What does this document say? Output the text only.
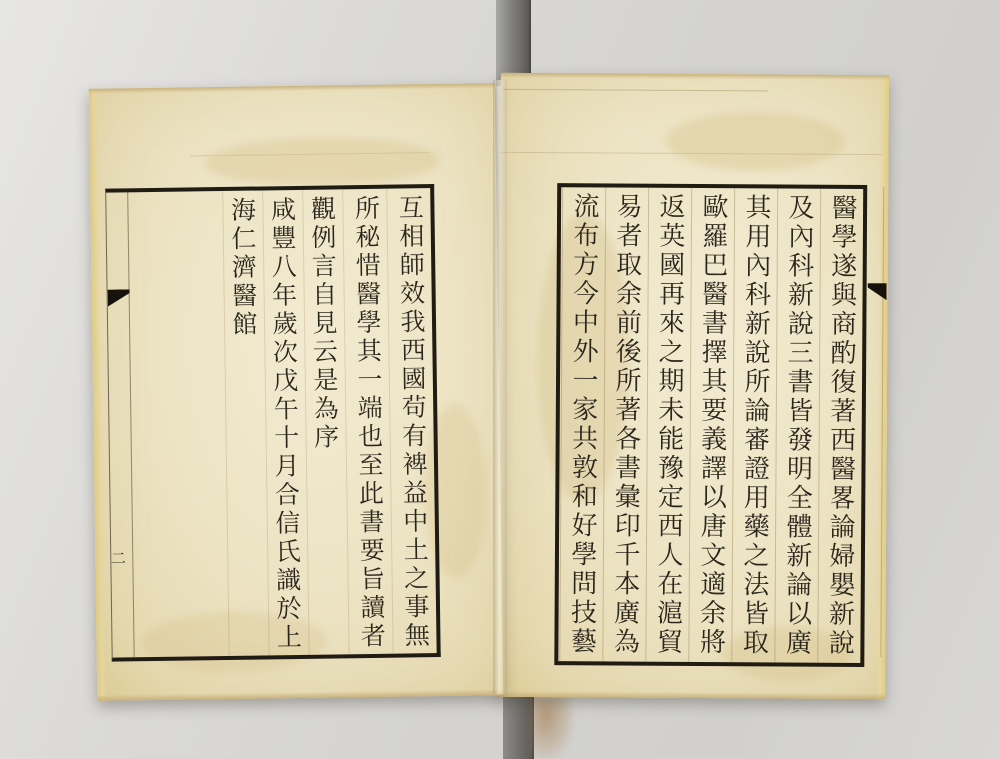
醫學遂與商酌復著西醫畧論婦嬰新說
及內科新說三書皆發明全體新論以廣
其用內科新說所論審證用藥之法皆取
歐羅巴醫書擇其要義譯以唐文適余將
返英國再來之期未能豫定西人在滬貿
易者取余前後所著各書彙印千本廣為
流布方今中外一家共敦和好學問技藝
二	互相師效我西國茍有裨益中土之事無
所秘惜醫學其一端也至此書要旨讀者
觀例言自見云是為序
咸豐八年歲次戊午十月合信氏識於上
海仁濟醫館
